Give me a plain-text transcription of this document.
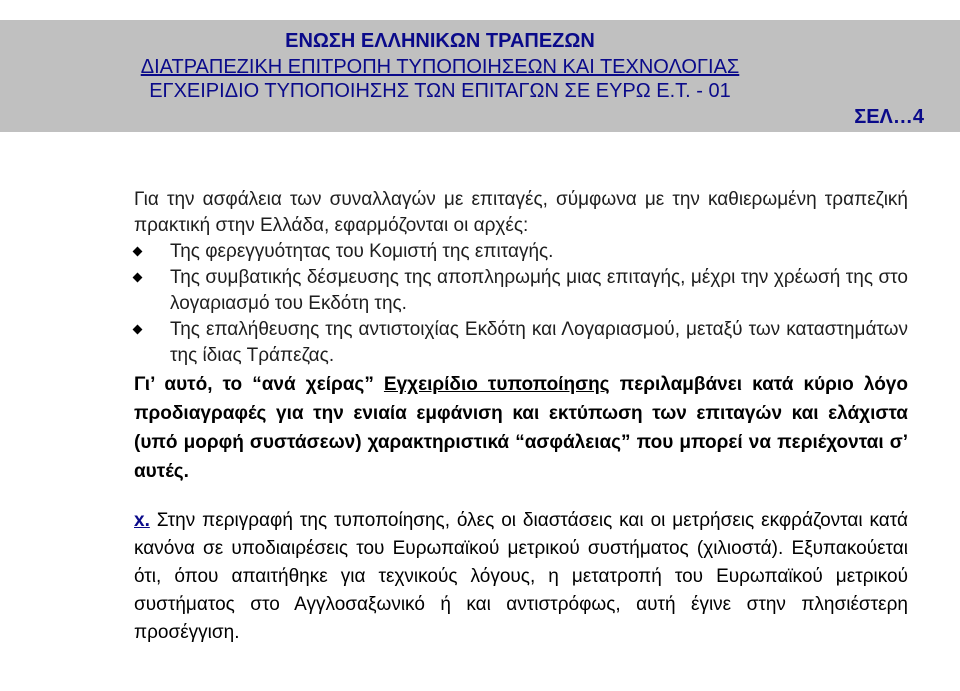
ΕΝΩΣΗ ΕΛΛΗΝΙΚΩΝ ΤΡΑΠΕΖΩΝ
ΔΙΑΤΡΑΠΕΖΙΚΗ ΕΠΙΤΡΟΠΗ ΤΥΠΟΠΟΙΗΣΕΩΝ ΚΑΙ ΤΕΧΝΟΛΟΓΙΑΣ
ΕΓΧΕΙΡΙΔΙΟ ΤΥΠΟΠΟΙΗΣΗΣ ΤΩΝ ΕΠΙΤΑΓΩΝ ΣΕ ΕΥΡΩ Ε.Τ. - 01
ΣΕΛ…4
Για την ασφάλεια των συναλλαγών με επιταγές, σύμφωνα με την καθιερωμένη τραπεζική πρακτική στην Ελλάδα, εφαρμόζονται οι αρχές:
Της φερεγγυότητας του Κομιστή της επιταγής.
Της συμβατικής δέσμευσης της αποπληρωμής μιας επιταγής, μέχρι την χρέωσή της στο λογαριασμό του Εκδότη της.
Της επαλήθευσης της αντιστοιχίας Εκδότη και Λογαριασμού, μεταξύ των καταστημάτων της ίδιας Τράπεζας.
Γι’ αυτό, το “ανά χείρας” Εγχειρίδιο τυποποίησης περιλαμβάνει κατά κύριο λόγο προδιαγραφές για την ενιαία εμφάνιση και εκτύπωση των επιταγών και ελάχιστα (υπό μορφή συστάσεων) χαρακτηριστικά “ασφάλειας” που μπορεί να περιέχονται σ’ αυτές.
x. Στην περιγραφή της τυποποίησης, όλες οι διαστάσεις και οι μετρήσεις εκφράζονται κατά κανόνα σε υποδιαιρέσεις του Ευρωπαϊκού μετρικού συστήματος (χιλιοστά). Εξυπακούεται ότι, όπου απαιτήθηκε για τεχνικούς λόγους, η μετατροπή του Ευρωπαϊκού μετρικού συστήματος στο Αγγλοσαξωνικό ή και αντιστρόφως, αυτή έγινε στην πλησιέστερη προσέγγιση.
